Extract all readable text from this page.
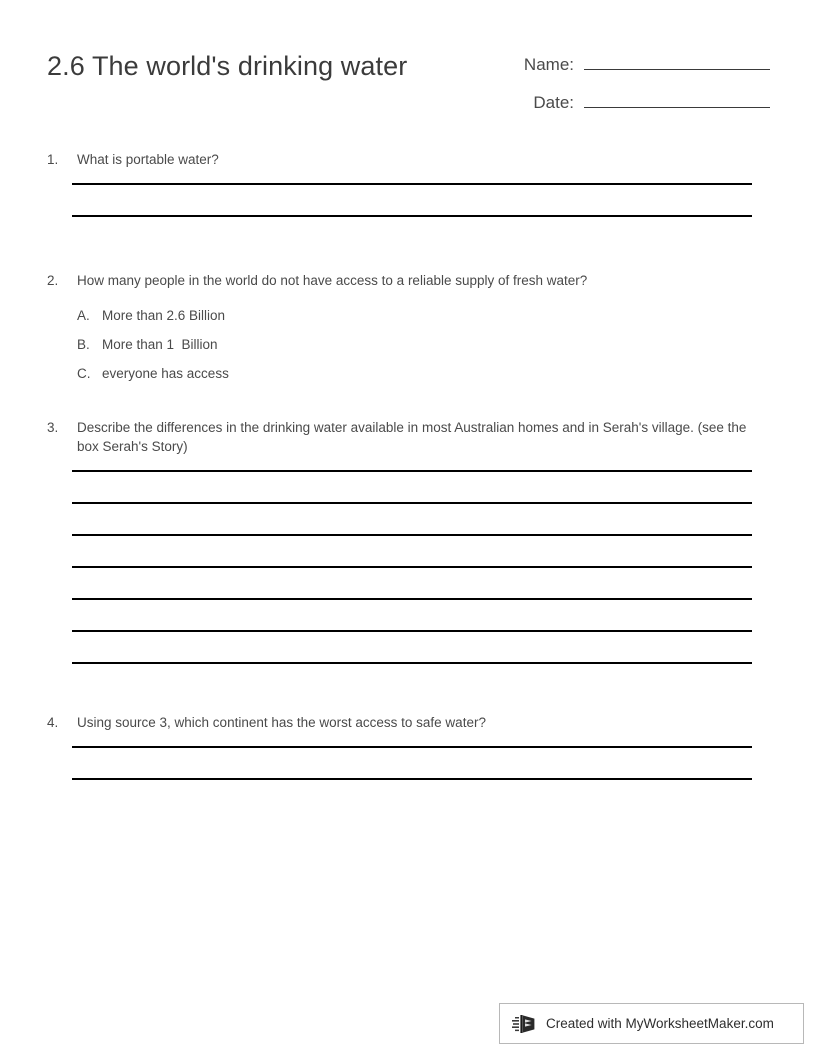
2.6 The world's drinking water	Name:
Date:
1.	What is portable water?
2.	How many people in the world do not have access to a reliable supply of fresh water?
A. More than 2.6 Billion
B. More than 1  Billion
C. everyone has access
3.	Describe the differences in the drinking water available in most Australian homes and in Serah's village. (see the box Serah's Story)
4.	Using source 3, which continent has the worst access to safe water?
Created with MyWorksheetMaker.com
